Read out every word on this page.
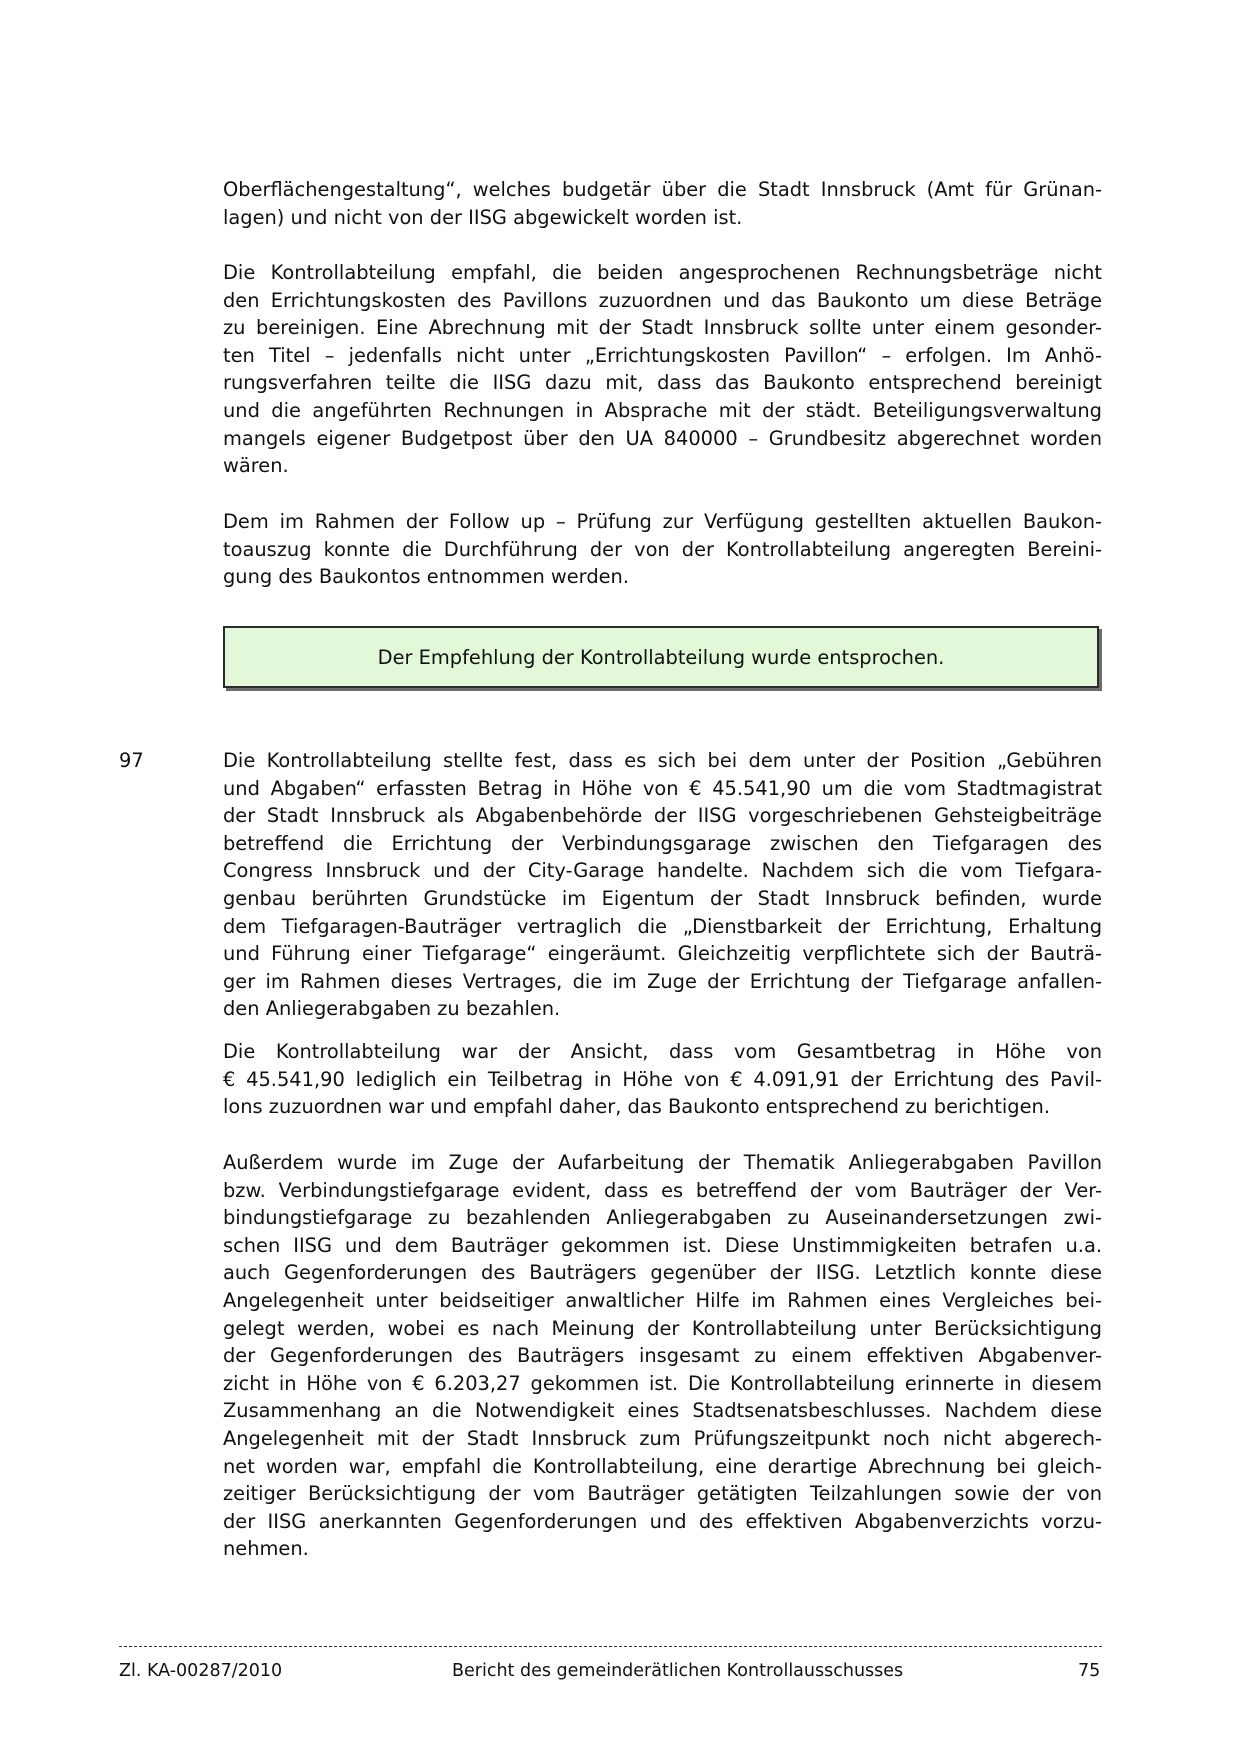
Oberflächengestaltung“, welches budgetär über die Stadt Innsbruck (Amt für Grünan-
lagen) und nicht von der IISG abgewickelt worden ist.
Die Kontrollabteilung empfahl, die beiden angesprochenen Rechnungsbeträge nicht
den Errichtungskosten des Pavillons zuzuordnen und das Baukonto um diese Beträge
zu bereinigen. Eine Abrechnung mit der Stadt Innsbruck sollte unter einem gesonder-
ten Titel – jedenfalls nicht unter „Errichtungskosten Pavillon“ – erfolgen. Im Anhö-
rungsverfahren teilte die IISG dazu mit, dass das Baukonto entsprechend bereinigt
und die angeführten Rechnungen in Absprache mit der städt. Beteiligungsverwaltung
mangels eigener Budgetpost über den UA 840000 – Grundbesitz abgerechnet worden
wären.
Dem im Rahmen der Follow up – Prüfung zur Verfügung gestellten aktuellen Baukon-
toauszug konnte die Durchführung der von der Kontrollabteilung angeregten Bereini-
gung des Baukontos entnommen werden.
Der Empfehlung der Kontrollabteilung wurde entsprochen.
97	Die Kontrollabteilung stellte fest, dass es sich bei dem unter der Position „Gebühren
und Abgaben“ erfassten Betrag in Höhe von € 45.541,90 um die vom Stadtmagistrat
der Stadt Innsbruck als Abgabenbehörde der IISG vorgeschriebenen Gehsteigbeiträge
betreffend die Errichtung der Verbindungsgarage zwischen den Tiefgaragen des
Congress Innsbruck und der City-Garage handelte. Nachdem sich die vom Tiefgara-
genbau berührten Grundstücke im Eigentum der Stadt Innsbruck befinden, wurde
dem Tiefgaragen-Bauträger vertraglich die „Dienstbarkeit der Errichtung, Erhaltung
und Führung einer Tiefgarage“ eingeräumt. Gleichzeitig verpflichtete sich der Bauträ-
ger im Rahmen dieses Vertrages, die im Zuge der Errichtung der Tiefgarage anfallen-
den Anliegerabgaben zu bezahlen.
Die Kontrollabteilung war der Ansicht, dass vom Gesamtbetrag in Höhe von
€ 45.541,90 lediglich ein Teilbetrag in Höhe von € 4.091,91 der Errichtung des Pavil-
lons zuzuordnen war und empfahl daher, das Baukonto entsprechend zu berichtigen.
Außerdem wurde im Zuge der Aufarbeitung der Thematik Anliegerabgaben Pavillon
bzw. Verbindungstiefgarage evident, dass es betreffend der vom Bauträger der Ver-
bindungstiefgarage zu bezahlenden Anliegerabgaben zu Auseinandersetzungen zwi-
schen IISG und dem Bauträger gekommen ist. Diese Unstimmigkeiten betrafen u.a.
auch Gegenforderungen des Bauträgers gegenüber der IISG. Letztlich konnte diese
Angelegenheit unter beidseitiger anwaltlicher Hilfe im Rahmen eines Vergleiches bei-
gelegt werden, wobei es nach Meinung der Kontrollabteilung unter Berücksichtigung
der Gegenforderungen des Bauträgers insgesamt zu einem effektiven Abgabenver-
zicht in Höhe von € 6.203,27 gekommen ist. Die Kontrollabteilung erinnerte in diesem
Zusammenhang an die Notwendigkeit eines Stadtsenatsbeschlusses. Nachdem diese
Angelegenheit mit der Stadt Innsbruck zum Prüfungszeitpunkt noch nicht abgerech-
net worden war, empfahl die Kontrollabteilung, eine derartige Abrechnung bei gleich-
zeitiger Berücksichtigung der vom Bauträger getätigten Teilzahlungen sowie der von
der IISG anerkannten Gegenforderungen und des effektiven Abgabenverzichts vorzu-
nehmen.
Zl. KA-00287/2010	Bericht des gemeinderätlichen Kontrollausschusses	75
